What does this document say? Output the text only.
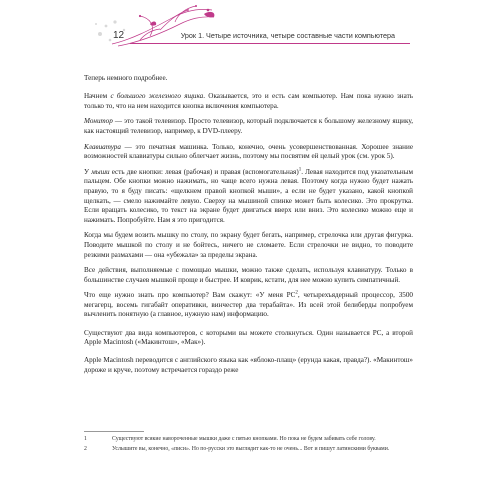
12	Урок 1. Четыре источника, четыре составные части компьютера

Теперь немного подробнее.

Начнем с большого железного ящика. Оказывается, это и есть сам компьютер. Нам пока нужно знать только то, что на нем находится кнопка включения компьютера.

Монитор — это такой телевизор. Просто телевизор, который подключается к большому железному ящику, как настоящий телевизор, например, к DVD-плееру.

Клавиатура — это печатная машинка. Только, конечно, очень усовершенствованная. Хорошее знание возможностей клавиатуры сильно облегчает жизнь, поэтому мы посвятим ей целый урок (см. урок 5).

У мыши есть две кнопки: левая (рабочая) и правая (вспомогательная)$^1$. Левая находится под указательным пальцем. Обе кнопки можно нажимать, но чаще всего нужна левая. Поэтому когда нужно будет нажать правую, то я буду писать: «щелкнем правой кнопкой мыши», а если не будет указано, какой кнопкой щелкать, — смело нажимайте левую. Сверху на мышиной спинке может быть колесико. Это прокрутка. Если вращать колесико, то текст на экране будет двигаться вверх или вниз. Это колесико можно еще и нажимать. Попробуйте. Нам я это пригодится.

Когда мы будем возить мышку по столу, по экрану будет бегать, например, стрелочка или другая фигурка. Поводите мышкой по столу и не бойтесь, ничего не сломаете. Если стрелочки не видно, то поводите резкими размахами — она «убежала» за пределы экрана.

Все действия, выполняемые с помощью мышки, можно также сделать, используя клавиатуру. Только в большинстве случаев мышкой проще и быстрее. И коврик, кстати, для нее можно купить симпатичный.

Что еще нужно знать про компьютер? Вам скажут: «У меня $PC^2$, четырехъядерный процессор, 3500 мегагерц, восемь гигабайт оперативки, винчестер два терабайта». Из всей этой белиберды попробуем вычленить понятную (а главное, нужную нам) информацию.

Существуют два вида компьютеров, с которыми вы можете столкнуться. Один называется PC, а второй Apple Macintosh («Макинтош», «Мак»).

Apple Macintosh переводится с английского языка как «яблоко-плащ» (ерунда какая, правда?). «Макинтош» дороже и круче, поэтому встречается гораздо реже

1	Существуют всякие навороченные мышки даже с пятью кнопками. Но пока не будем забивать себе голову.
2	Услышите вы, конечно, «писи». Но по-русски это выглядит как-то не очень... Вот и пишут латинскими буквами.
